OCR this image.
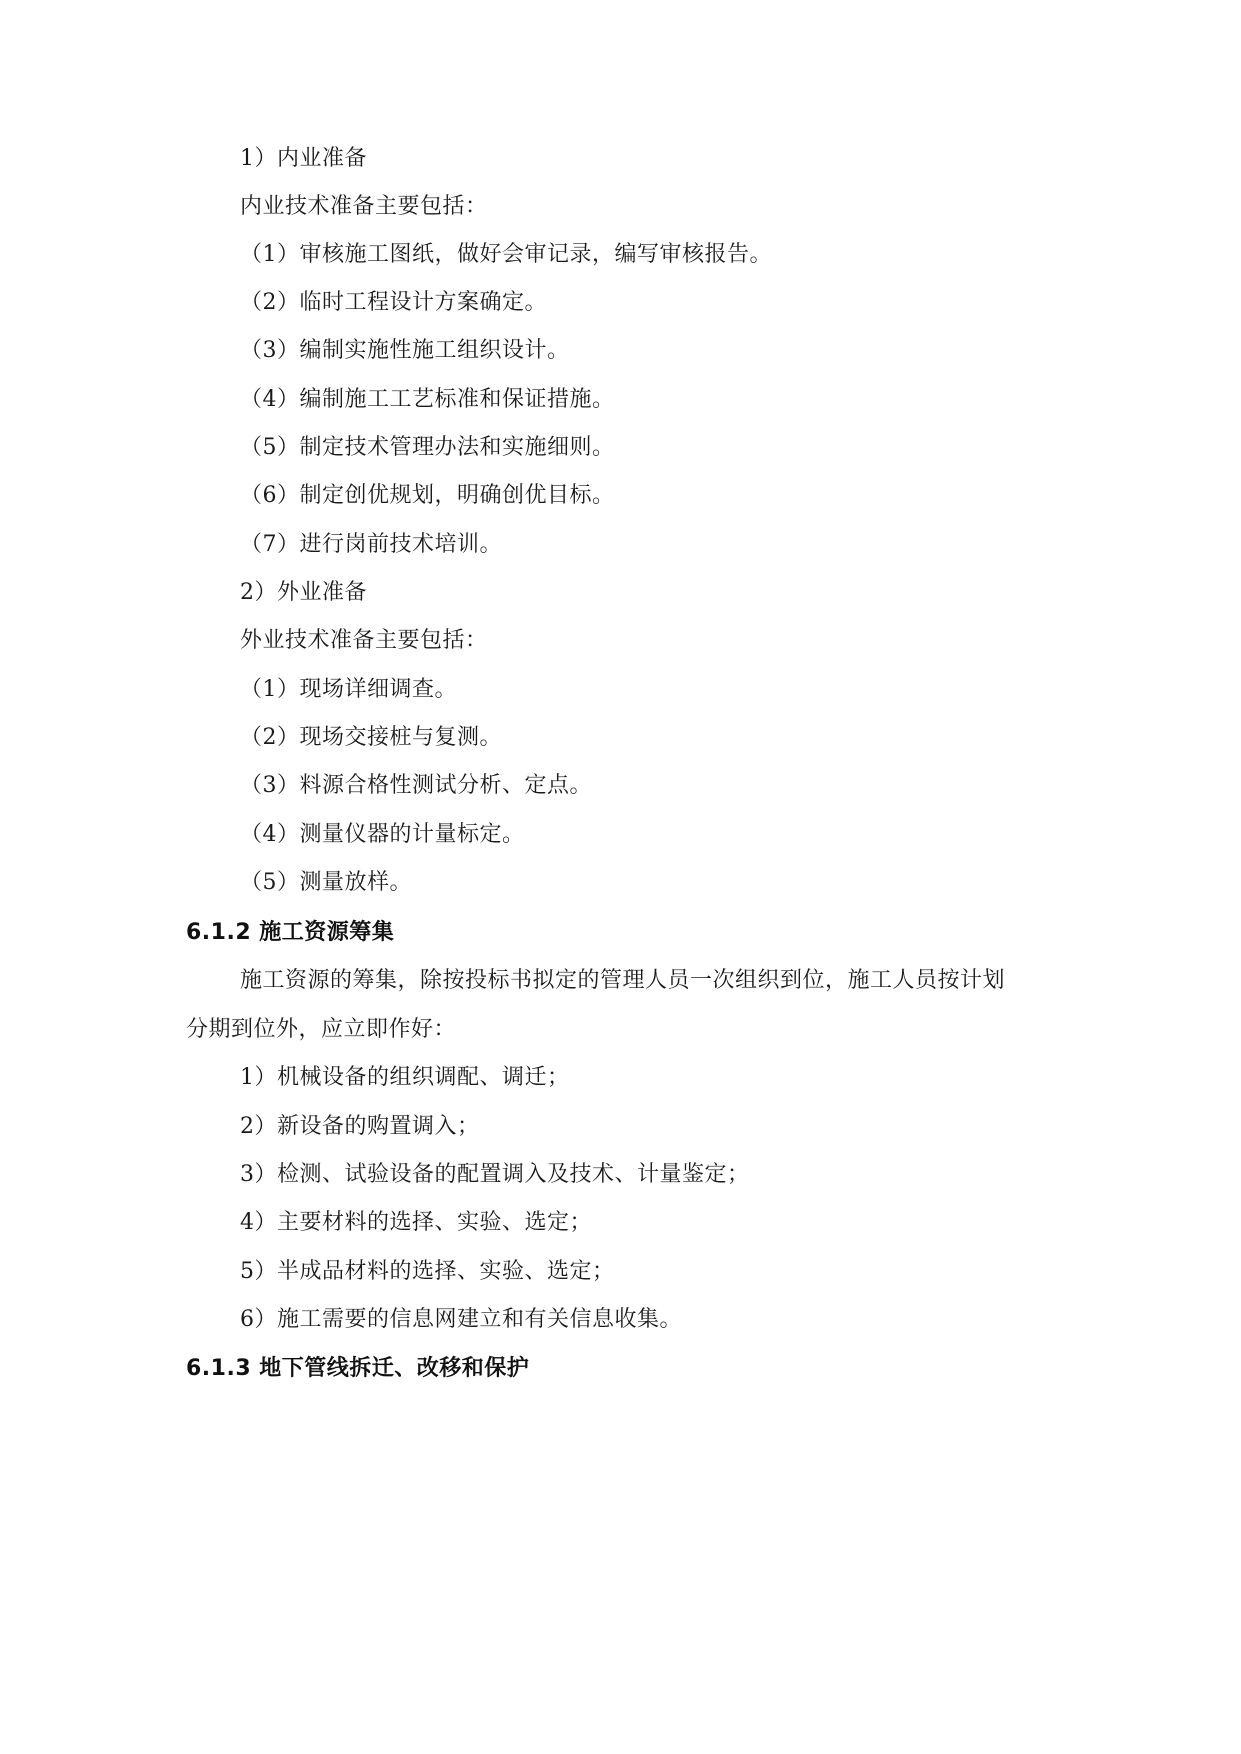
1）内业准备
内业技术准备主要包括：
（1）审核施工图纸，做好会审记录，编写审核报告。
（2）临时工程设计方案确定。
（3）编制实施性施工组织设计。
（4）编制施工工艺标准和保证措施。
（5）制定技术管理办法和实施细则。
（6）制定创优规划，明确创优目标。
（7）进行岗前技术培训。
2）外业准备
外业技术准备主要包括：
（1）现场详细调查。
（2）现场交接桩与复测。
（3）料源合格性测试分析、定点。
（4）测量仪器的计量标定。
（5）测量放样。
6.1.2 施工资源筹集
施工资源的筹集，除按投标书拟定的管理人员一次组织到位，施工人员按计划
分期到位外，应立即作好：
1）机械设备的组织调配、调迁；
2）新设备的购置调入；
3）检测、试验设备的配置调入及技术、计量鉴定；
4）主要材料的选择、实验、选定；
5）半成品材料的选择、实验、选定；
6）施工需要的信息网建立和有关信息收集。
6.1.3 地下管线拆迁、改移和保护
